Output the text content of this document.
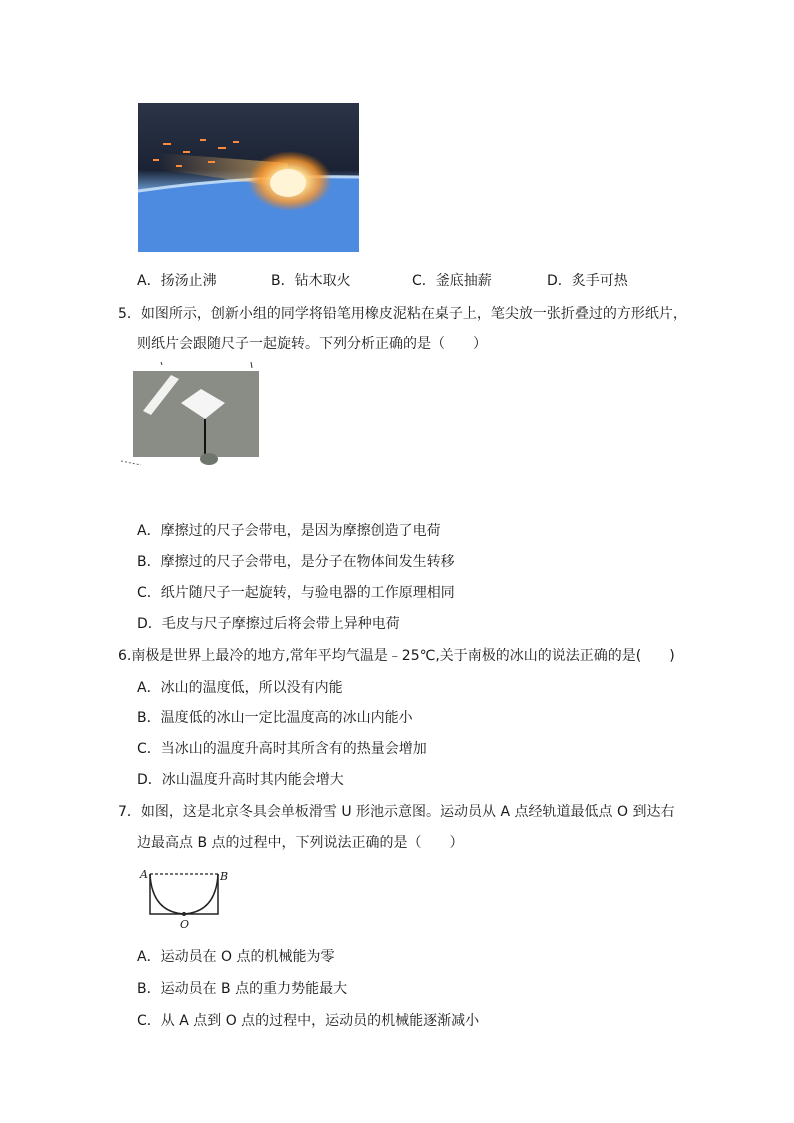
A．扬汤止沸	B．钻木取火	C．釜底抽薪	D．炙手可热
5．如图所示，创新小组的同学将铅笔用橡皮泥粘在桌子上，笔尖放一张折叠过的方形纸片，
则纸片会跟随尺子一起旋转。下列分析正确的是（　　）
A．摩擦过的尺子会带电，是因为摩擦创造了电荷
B．摩擦过的尺子会带电，是分子在物体间发生转移
C．纸片随尺子一起旋转，与验电器的工作原理相同
D．毛皮与尺子摩擦过后将会带上异种电荷
6.南极是世界上最冷的地方,常年平均气温是﹣25℃,关于南极的冰山的说法正确的是(　　)
A．冰山的温度低，所以没有内能
B．温度低的冰山一定比温度高的冰山内能小
C．当冰山的温度升高时其所含有的热量会增加
D．冰山温度升高时其内能会增大
7．如图，这是北京冬具会单板滑雪 U 形池示意图。运动员从 A 点经轨道最低点 O 到达右
边最高点 B 点的过程中，下列说法正确的是（　　）
A	B
O
A．运动员在 O 点的机械能为零
B．运动员在 B 点的重力势能最大
C．从 A 点到 O 点的过程中，运动员的机械能逐渐减小
